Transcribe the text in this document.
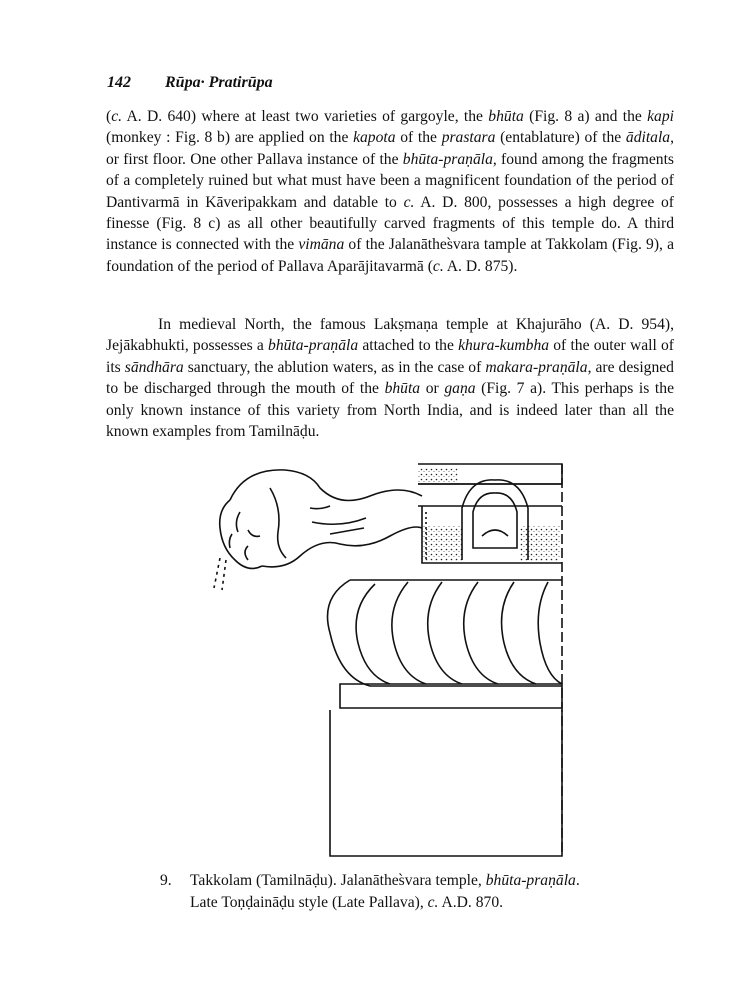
142 Rūpa· Pratirūpa

(c. A. D. 640) where at least two varieties of gargoyle, the bhūta (Fig. 8 a) and the kapi (monkey : Fig. 8 b) are applied on the kapota of the prastara (entablature) of the āditala, or first floor. One other Pallava instance of the bhūta-praṇāla, found among the fragments of a completely ruined but what must have been a magnificent foundation of the period of Dantivarmā in Kāveripakkam and datable to c. A. D. 800, possesses a high degree of finesse (Fig. 8 c) as all other beautifully carved fragments of this temple do. A third instance is connected with the vimāna of the Jalanāthes̀vara tample at Takkolam (Fig. 9), a foundation of the period of Pallava Aparājitavarmā (c. A. D. 875).

In medieval North, the famous Lakṣmaṇa temple at Khajurāho (A. D. 954), Jejākabhukti, possesses a bhūta-praṇāla attached to the khura-kumbha of the outer wall of its sāndhāra sanctuary, the ablution waters, as in the case of makara-praṇāla, are designed to be discharged through the mouth of the bhūta or gaṇa (Fig. 7 a). This perhaps is the only known instance of this variety from North India, and is indeed later than all the known examples from Tamilnāḍu.

9. Takkolam (Tamilnāḍu). Jalanāthes̀vara temple, bhūta-praṇāla. Late Toṇḍaināḍu style (Late Pallava), c. A.D. 870.
